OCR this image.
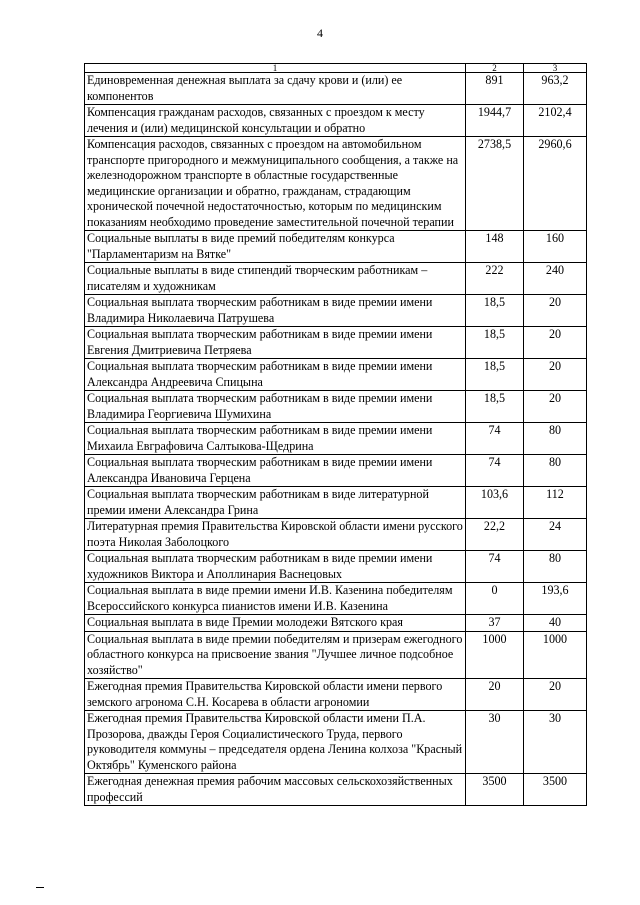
4
1	2	3
Единовременная денежная выплата за сдачу крови и (или) ее компонентов	891	963,2
Компенсация гражданам расходов, связанных с проездом к месту лечения и (или) медицинской консультации и обратно	1944,7	2102,4
Компенсация расходов, связанных с проездом на автомобильном транспорте пригородного и межмуниципального сообщения, а также на железнодорожном транспорте в областные государственные медицинские организации и обратно, гражданам, страдающим хронической почечной недостаточностью, которым по медицинским показаниям необходимо проведение заместительной почечной терапии	2738,5	2960,6
Социальные выплаты в виде премий победителям конкурса "Парламентаризм на Вятке"	148	160
Социальные выплаты в виде стипендий творческим работникам – писателям и художникам	222	240
Социальная выплата творческим работникам в виде премии имени Владимира Николаевича Патрушева	18,5	20
Социальная выплата творческим работникам в виде премии имени Евгения Дмитриевича Петряева	18,5	20
Социальная выплата творческим работникам в виде премии имени Александра Андреевича Спицына	18,5	20
Социальная выплата творческим работникам в виде премии имени Владимира Георгиевича Шумихина	18,5	20
Социальная выплата творческим работникам в виде премии имени Михаила Евграфовича Салтыкова-Щедрина	74	80
Социальная выплата творческим работникам в виде премии имени Александра Ивановича Герцена	74	80
Социальная выплата творческим работникам в виде литературной премии имени Александра Грина	103,6	112
Литературная премия Правительства Кировской области имени русского поэта Николая Заболоцкого	22,2	24
Социальная выплата творческим работникам в виде премии имени художников Виктора и Аполлинария Васнецовых	74	80
Социальная выплата в виде премии имени И.В. Казенина победителям Всероссийского конкурса пианистов имени И.В. Казенина	0	193,6
Социальная выплата в виде Премии молодежи Вятского края	37	40
Социальная выплата в виде премии победителям и призерам ежегодного областного конкурса на присвоение звания "Лучшее личное подсобное хозяйство"	1000	1000
Ежегодная премия Правительства Кировской области имени первого земского агронома С.Н. Косарева в области агрономии	20	20
Ежегодная премия Правительства Кировской области имени П.А. Прозорова, дважды Героя Социалистического Труда, первого руководителя коммуны – председателя ордена Ленина колхоза "Красный Октябрь" Куменского района	30	30
Ежегодная денежная премия рабочим массовых сельскохозяйственных профессий	3500	3500
